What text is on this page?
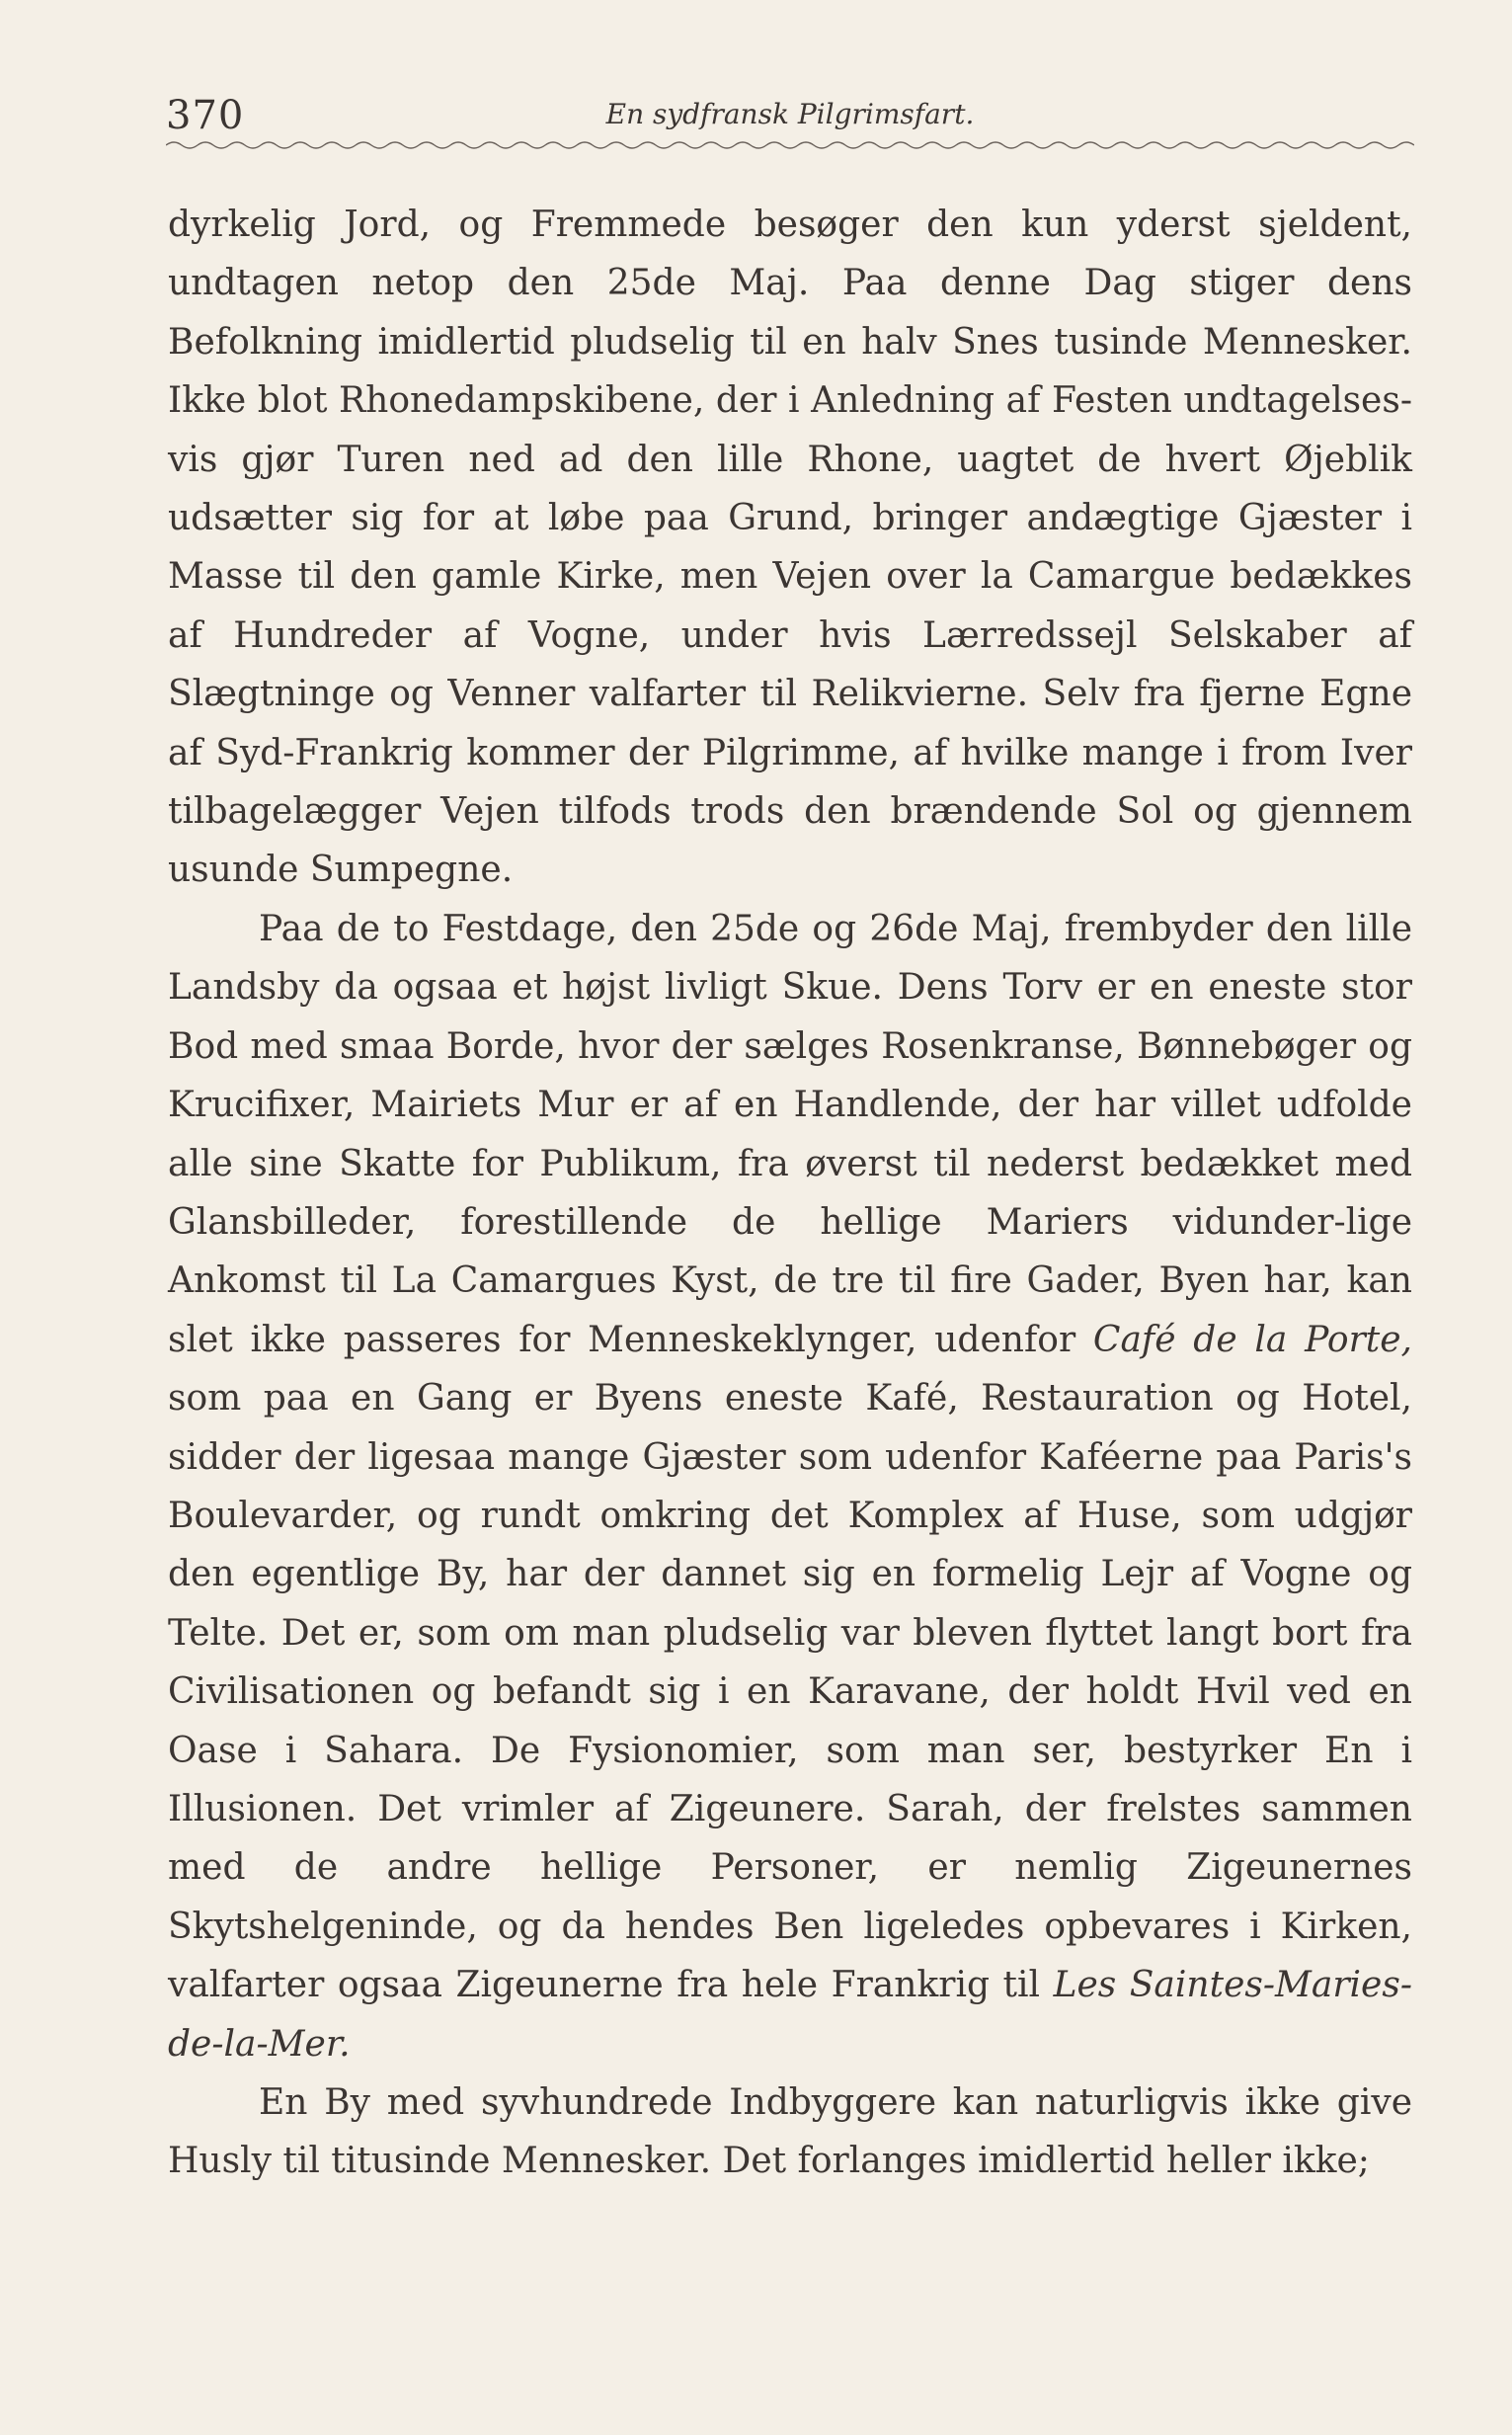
370	En sydfransk Pilgrimsfart.

dyrkelig Jord, og Fremmede besøger den kun yderst sjeldent, undtagen netop den 25de Maj. Paa denne Dag stiger dens Befolkning imidlertid pludselig til en halv Snes tusinde Mennesker. Ikke blot Rhonedampskibene, der i Anledning af Festen undtagelses-vis gjør Turen ned ad den lille Rhone, uagtet de hvert Øjeblik udsætter sig for at løbe paa Grund, bringer andægtige Gjæster i Masse til den gamle Kirke, men Vejen over la Camargue bedækkes af Hundreder af Vogne, under hvis Lærredssejl Selskaber af Slægtninge og Venner valfarter til Relikvierne. Selv fra fjerne Egne af Syd-Frankrig kommer der Pilgrimme, af hvilke mange i from Iver tilbagelægger Vejen tilfods trods den brændende Sol og gjennem usunde Sumpegne.

Paa de to Festdage, den 25de og 26de Maj, frembyder den lille Landsby da ogsaa et højst livligt Skue. Dens Torv er en eneste stor Bod med smaa Borde, hvor der sælges Rosenkranse, Bønnebøger og Krucifixer, Mairiets Mur er af en Handlende, der har villet udfolde alle sine Skatte for Publikum, fra øverst til nederst bedækket med Glansbilleder, forestillende de hellige Mariers vidunder-lige Ankomst til La Camargues Kyst, de tre til fire Gader, Byen har, kan slet ikke passeres for Menneskeklynger, udenfor Café de la Porte, som paa en Gang er Byens eneste Kafé, Restauration og Hotel, sidder der ligesaa mange Gjæster som udenfor Kaféerne paa Paris's Boulevarder, og rundt omkring det Komplex af Huse, som udgjør den egentlige By, har der dannet sig en formelig Lejr af Vogne og Telte. Det er, som om man pludselig var bleven flyttet langt bort fra Civilisationen og befandt sig i en Karavane, der holdt Hvil ved en Oase i Sahara. De Fysionomier, som man ser, bestyrker En i Illusionen. Det vrimler af Zigeunere. Sarah, der frelstes sammen med de andre hellige Personer, er nemlig Zigeunernes Skytshelgeninde, og da hendes Ben ligeledes opbevares i Kirken, valfarter ogsaa Zigeunerne fra hele Frankrig til Les Saintes-Maries-de-la-Mer.

En By med syvhundrede Indbyggere kan naturligvis ikke give Husly til titusinde Mennesker. Det forlanges imidlertid heller ikke;
